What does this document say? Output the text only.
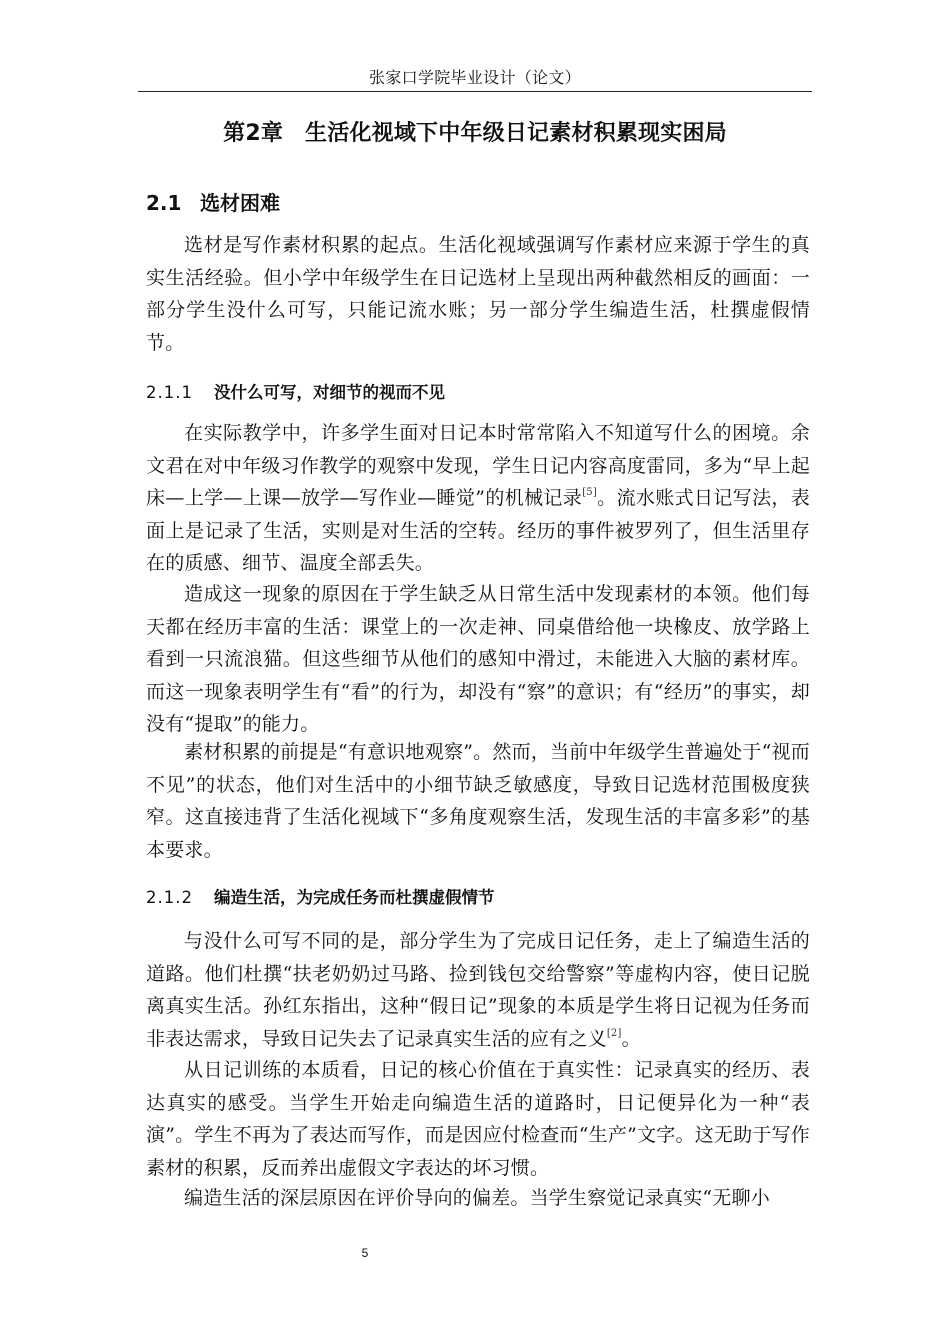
张家口学院毕业设计（论文）
第2章 生活化视域下中年级日记素材积累现实困局
2.1 选材困难

选材是写作素材积累的起点。生活化视域强调写作素材应来源于学生的真实生活经验。但小学中年级学生在日记选材上呈现出两种截然相反的画面：一部分学生没什么可写，只能记流水账；另一部分学生编造生活，杜撰虚假情节。

2.1.1 没什么可写，对细节的视而不见

在实际教学中，许多学生面对日记本时常常陷入不知道写什么的困境。余文君在对中年级习作教学的观察中发现，学生日记内容高度雷同，多为“早上起床—上学—上课—放学—写作业—睡觉”的机械记录[5]。流水账式日记写法，表面上是记录了生活，实则是对生活的空转。经历的事件被罗列了，但生活里存在的质感、细节、温度全部丢失。

造成这一现象的原因在于学生缺乏从日常生活中发现素材的本领。他们每天都在经历丰富的生活：课堂上的一次走神、同桌借给他一块橡皮、放学路上看到一只流浪猫。但这些细节从他们的感知中滑过，未能进入大脑的素材库。而这一现象表明学生有“看”的行为，却没有“察”的意识；有“经历”的事实，却没有“提取”的能力。

素材积累的前提是“有意识地观察”。然而，当前中年级学生普遍处于“视而不见”的状态，他们对生活中的小细节缺乏敏感度，导致日记选材范围极度狭窄。这直接违背了生活化视域下“多角度观察生活，发现生活的丰富多彩”的基本要求。

2.1.2 编造生活，为完成任务而杜撰虚假情节

与没什么可写不同的是，部分学生为了完成日记任务，走上了编造生活的道路。他们杜撰“扶老奶奶过马路、捡到钱包交给警察”等虚构内容，使日记脱离真实生活。孙红东指出，这种“假日记”现象的本质是学生将日记视为任务而非表达需求，导致日记失去了记录真实生活的应有之义[2]。

从日记训练的本质看，日记的核心价值在于真实性：记录真实的经历、表达真实的感受。当学生开始走向编造生活的道路时，日记便异化为一种“表演”。学生不再为了表达而写作，而是因应付检查而“生产”文字。这无助于写作素材的积累，反而养出虚假文字表达的坏习惯。

编造生活的深层原因在评价导向的偏差。当学生察觉记录真实“无聊小

5
